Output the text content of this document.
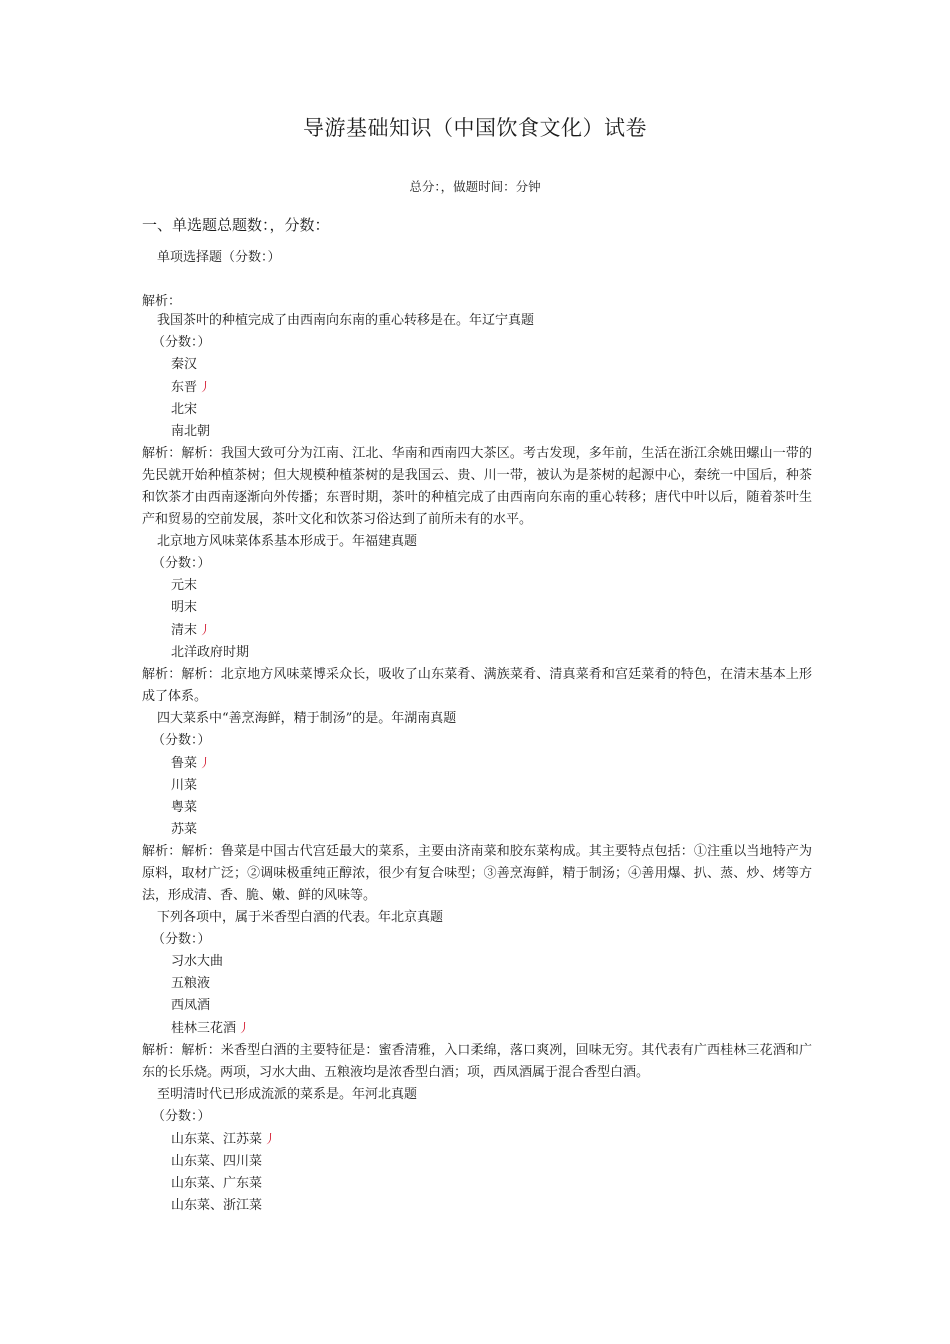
导游基础知识（中国饮食文化）试卷
总分：，做题时间：分钟
一、单选题总题数：，分数：
单项选择题（分数：）
解析：
我国茶叶的种植完成了由西南向东南的重心转移是在。年辽宁真题
（分数：）
秦汉
东晋 丿
北宋
南北朝
解析：解析：我国大致可分为江南、江北、华南和西南四大茶区。考古发现，多年前，生活在浙江余姚田螺山一带的先民就开始种植茶树；但大规模种植茶树的是我国云、贵、川一带，被认为是茶树的起源中心，秦统一中国后，种茶和饮茶才由西南逐渐向外传播；东晋时期，茶叶的种植完成了由西南向东南的重心转移；唐代中叶以后，随着茶叶生产和贸易的空前发展，茶叶文化和饮茶习俗达到了前所未有的水平。
北京地方风味菜体系基本形成于。年福建真题
（分数：）
元末
明末
清末 丿
北洋政府时期
解析：解析：北京地方风味菜博采众长，吸收了山东菜肴、满族菜肴、清真菜肴和宫廷菜肴的特色，在清末基本上形成了体系。
四大菜系中“善烹海鲜，精于制汤”的是。年湖南真题
（分数：）
鲁菜 丿
川菜
粤菜
苏菜
解析：解析：鲁菜是中国古代宫廷最大的菜系，主要由济南菜和胶东菜构成。其主要特点包括：①注重以当地特产为原料，取材广泛；②调味极重纯正醇浓，很少有复合味型；③善烹海鲜，精于制汤；④善用爆、扒、蒸、炒、烤等方法，形成清、香、脆、嫩、鲜的风味等。
下列各项中，属于米香型白酒的代表。年北京真题
（分数：）
习水大曲
五粮液
西凤酒
桂林三花酒 丿
解析：解析：米香型白酒的主要特征是：蜜香清雅，入口柔绵，落口爽冽，回味无穷。其代表有广西桂林三花酒和广东的长乐烧。两项，习水大曲、五粮液均是浓香型白酒；项，西凤酒属于混合香型白酒。
至明清时代已形成流派的菜系是。年河北真题
（分数：）
山东菜、江苏菜 丿
山东菜、四川菜
山东菜、广东菜
山东菜、浙江菜
